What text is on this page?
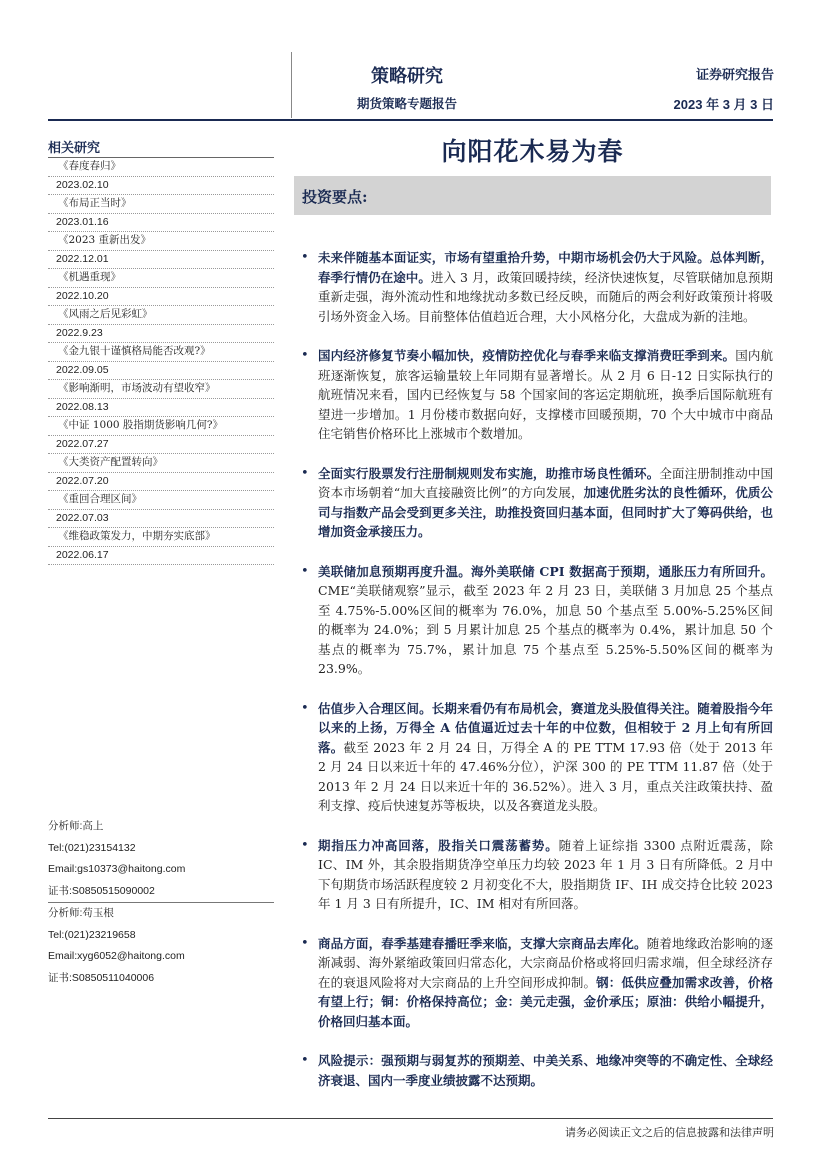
策略研究
期货策略专题报告
证券研究报告
2023 年 3 月 3 日
相关研究
《春度春归》
2023.02.10
《布局正当时》
2023.01.16
《2023 重新出发》
2022.12.01
《机遇重现》
2022.10.20
《风雨之后见彩虹》
2022.9.23
《金九银十谨慎格局能否改观?》
2022.09.05
《影响渐明，市场波动有望收窄》
2022.08.13
《中证 1000 股指期货影响几何?》
2022.07.27
《大类资产配置转向》
2022.07.20
《重回合理区间》
2022.07.03
《维稳政策发力，中期夯实底部》
2022.06.17
分析师:高上
Tel:(021)23154132
Email:gs10373@haitong.com
证书:S0850515090002
分析师:苟玉根
Tel:(021)23219658
Email:xyg6052@haitong.com
证书:S0850511040006
向阳花木易为春
投资要点:
• 未来伴随基本面证实，市场有望重拾升势，中期市场机会仍大于风险。总体判断，春季行情仍在途中。进入 3 月，政策回暖持续，经济快速恢复，尽管联储加息预期重新走强，海外流动性和地缘扰动多数已经反映，而随后的两会利好政策预计将吸引场外资金入场。目前整体估值趋近合理，大小风格分化，大盘成为新的洼地。
• 国内经济修复节奏小幅加快，疫情防控优化与春季来临支撑消费旺季到来。国内航班逐渐恢复，旅客运输量较上年同期有显著增长。从 2 月 6 日-12 日实际执行的航班情况来看，国内已经恢复与 58 个国家间的客运定期航班，换季后国际航班有望进一步增加。1 月份楼市数据向好，支撑楼市回暖预期，70 个大中城市中商品住宅销售价格环比上涨城市个数增加。
• 全面实行股票发行注册制规则发布实施，助推市场良性循环。全面注册制推动中国资本市场朝着“加大直接融资比例”的方向发展，加速优胜劣汰的良性循环，优质公司与指数产品会受到更多关注，助推投资回归基本面，但同时扩大了筹码供给，也增加资金承接压力。
• 美联储加息预期再度升温。海外美联储 CPI 数据高于预期，通胀压力有所回升。CME“美联储观察”显示，截至 2023 年 2 月 23 日，美联储 3 月加息 25 个基点至 4.75%-5.00%区间的概率为 76.0%，加息 50 个基点至 5.00%-5.25%区间的概率为 24.0%；到 5 月累计加息 25 个基点的概率为 0.4%，累计加息 50 个基点的概率为 75.7%，累计加息 75 个基点至 5.25%-5.50%区间的概率为 23.9%。
• 估值步入合理区间。长期来看仍有布局机会，赛道龙头股值得关注。随着股指今年以来的上扬，万得全 A 估值逼近过去十年的中位数，但相较于 2 月上旬有所回落。截至 2023 年 2 月 24 日，万得全 A 的 PE TTM 17.93 倍（处于 2013 年 2 月 24 日以来近十年的 47.46%分位），沪深 300 的 PE TTM 11.87 倍（处于 2013 年 2 月 24 日以来近十年的 36.52%）。进入 3 月，重点关注政策扶持、盈利支撑、疫后快速复苏等板块，以及各赛道龙头股。
• 期指压力冲高回落，股指关口震荡蓄势。随着上证综指 3300 点附近震荡，除 IC、IM 外，其余股指期货净空单压力均较 2023 年 1 月 3 日有所降低。2 月中下旬期货市场活跃程度较 2 月初变化不大，股指期货 IF、IH 成交持仓比较 2023 年 1 月 3 日有所提升，IC、IM 相对有所回落。
• 商品方面，春季基建春播旺季来临，支撑大宗商品去库化。随着地缘政治影响的逐渐减弱、海外紧缩政策回归常态化，大宗商品价格或将回归需求端，但全球经济存在的衰退风险将对大宗商品的上升空间形成抑制。钢：低供应叠加需求改善，价格有望上行；铜：价格保持高位；金：美元走强，金价承压；原油：供给小幅提升，价格回归基本面。
• 风险提示：强预期与弱复苏的预期差、中美关系、地缘冲突等的不确定性、全球经济衰退、国内一季度业绩披露不达预期。
请务必阅读正文之后的信息披露和法律声明
